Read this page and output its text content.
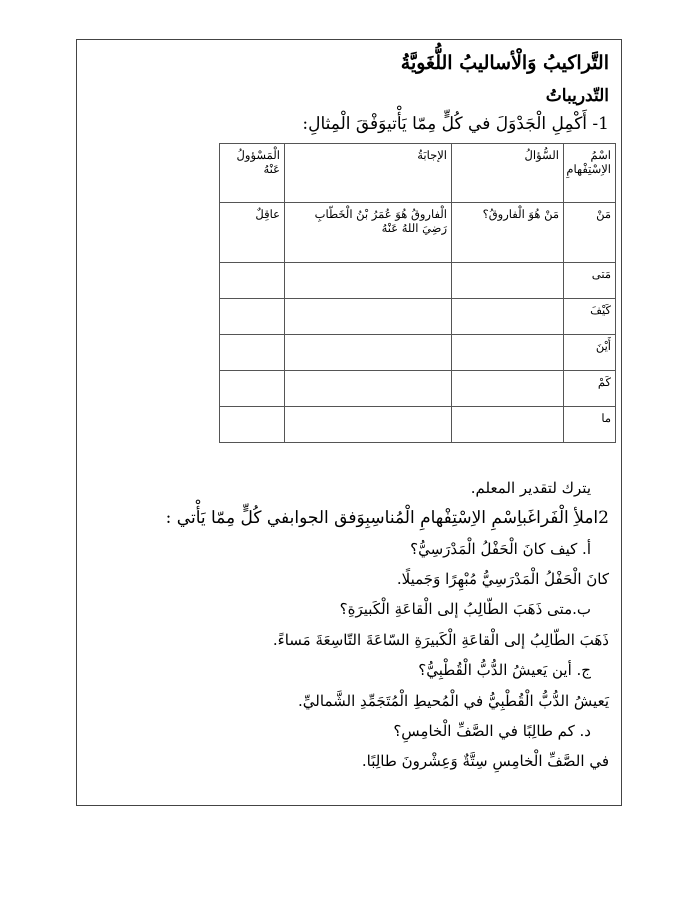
التَّراكيبُ وَالْأساليبُ اللُّغَويَّةُ
التّدريباتُ
1- أَكْمِلِ الْجَدْوَلَ في كُلٍّ مِمّا يَأْتيوَفْقَ الْمِثالِ:
اسْمُ الاِسْتِفْهامِ	السُّؤالُ	الإجابَةُ	الْمَسْؤولُ عَنْهُ
مَنْ	مَنْ هُوَ الْفاروقُ؟	الْفاروقُ هُوَ عُمَرُ بْنُ الْخَطّابِ رَضِيَ اللهُ عَنْهُ	عاقِلٌ
مَتى			
كَيْفَ			
أَيْنَ			
كَمْ			
ما			
يترك لتقدير المعلم.
2املأِ الْفَراغَباِسْمِ الاِسْتِفْهامِ الْمُناسِبِوَفق الجوابفي كُلٍّ مِمّا يَأْتي :
أ. كيف كانَ الْحَفْلُ الْمَدْرَسِيُّ؟
كانَ الْحَفْلُ الْمَدْرَسِيُّ مُبْهِرًا وَجَميلًا.
ب.متى ذَهَبَ الطّالِبُ إلى الْقاعَةِ الْكَبيرَةِ؟
ذَهَبَ الطّالِبُ إلى الْقاعَةِ الْكَبيرَةِ السّاعَةَ التّاسِعَةَ مَساءً.
ج. أين يَعيشُ الدُّبُّ الْقُطْبِيُّ؟
يَعيشُ الدُّبُّ الْقُطْبِيُّ في الْمُحيطِ الْمُتَجَمِّدِ الشَّماليِّ.
د. كم طالِبًا في الصَّفِّ الْخامِسِ؟
في الصَّفِّ الْخامِسِ سِتَّةٌ وَعِشْرونَ طالِبًا.
